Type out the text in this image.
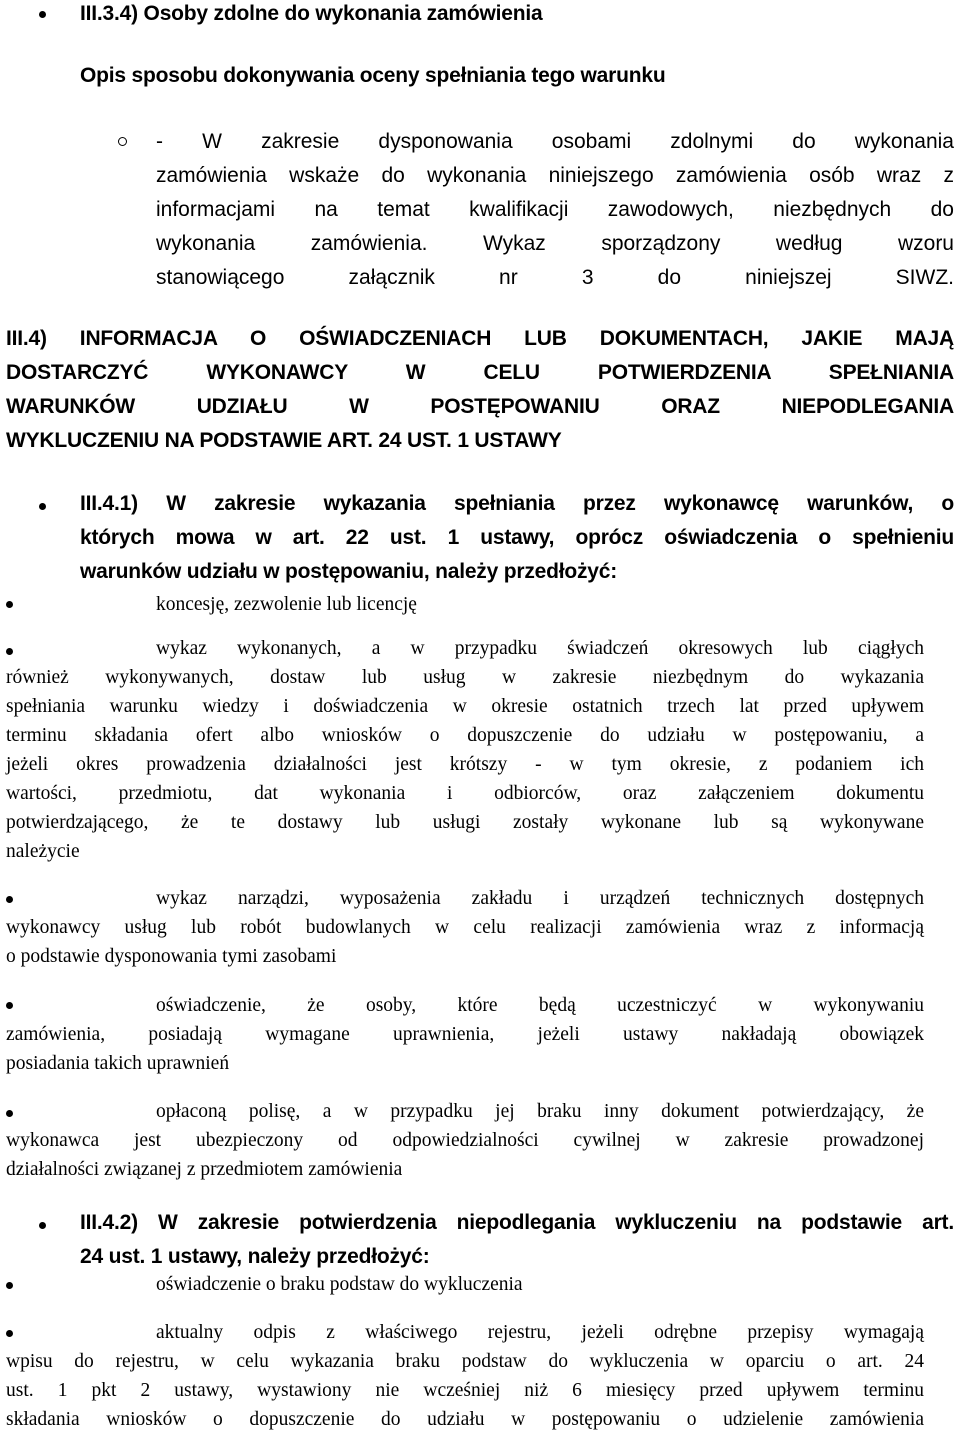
III.3.4) Osoby zdolne do wykonania zamówienia
Opis sposobu dokonywania oceny spełniania tego warunku
- W zakresie dysponowania osobami zdolnymi do wykonania
zamówienia wskaże do wykonania niniejszego zamówienia osób wraz z
informacjami na temat kwalifikacji zawodowych, niezbędnych do
wykonania zamówienia. Wykaz sporządzony według wzoru
stanowiącego załącznik nr 3 do niniejszej SIWZ.
III.4) INFORMACJA O OŚWIADCZENIACH LUB DOKUMENTACH, JAKIE MAJĄ
DOSTARCZYĆ WYKONAWCY W CELU POTWIERDZENIA SPEŁNIANIA
WARUNKÓW UDZIAŁU W POSTĘPOWANIU ORAZ NIEPODLEGANIA
WYKLUCZENIU NA PODSTAWIE ART. 24 UST. 1 USTAWY
III.4.1) W zakresie wykazania spełniania przez wykonawcę warunków, o
których mowa w art. 22 ust. 1 ustawy, oprócz oświadczenia o spełnieniu
warunków udziału w postępowaniu, należy przedłożyć:
koncesję, zezwolenie lub licencję
wykaz wykonanych, a w przypadku świadczeń okresowych lub ciągłych
również wykonywanych, dostaw lub usług w zakresie niezbędnym do wykazania
spełniania warunku wiedzy i doświadczenia w okresie ostatnich trzech lat przed upływem
terminu składania ofert albo wniosków o dopuszczenie do udziału w postępowaniu, a
jeżeli okres prowadzenia działalności jest krótszy - w tym okresie, z podaniem ich
wartości, przedmiotu, dat wykonania i odbiorców, oraz załączeniem dokumentu
potwierdzającego, że te dostawy lub usługi zostały wykonane lub są wykonywane
należycie
wykaz narządzi, wyposażenia zakładu i urządzeń technicznych dostępnych
wykonawcy usług lub robót budowlanych w celu realizacji zamówienia wraz z informacją
o podstawie dysponowania tymi zasobami
oświadczenie, że osoby, które będą uczestniczyć w wykonywaniu
zamówienia, posiadają wymagane uprawnienia, jeżeli ustawy nakładają obowiązek
posiadania takich uprawnień
opłaconą polisę, a w przypadku jej braku inny dokument potwierdzający, że
wykonawca jest ubezpieczony od odpowiedzialności cywilnej w zakresie prowadzonej
działalności związanej z przedmiotem zamówienia
III.4.2) W zakresie potwierdzenia niepodlegania wykluczeniu na podstawie art.
24 ust. 1 ustawy, należy przedłożyć:
oświadczenie o braku podstaw do wykluczenia
aktualny odpis z właściwego rejestru, jeżeli odrębne przepisy wymagają
wpisu do rejestru, w celu wykazania braku podstaw do wykluczenia w oparciu o art. 24
ust. 1 pkt 2 ustawy, wystawiony nie wcześniej niż 6 miesięcy przed upływem terminu
składania wniosków o dopuszczenie do udziału w postępowaniu o udzielenie zamówienia
